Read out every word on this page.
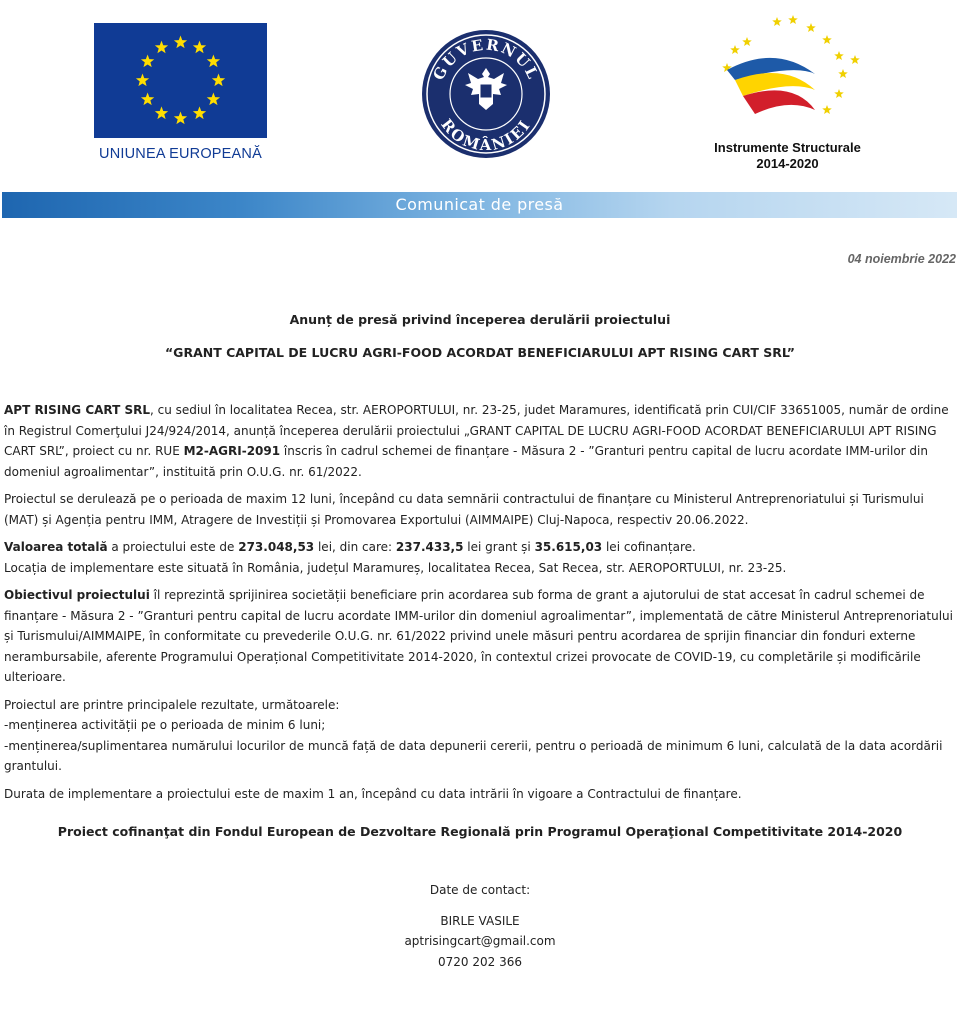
UNIUNEA EUROPEANĂ
GUVERNUL
ROMÂNIEI
Instrumente Structurale
2014-2020
Comunicat de presă
04 noiembrie 2022
Anunț de presă privind începerea derulării proiectului
“GRANT CAPITAL DE LUCRU AGRI-FOOD ACORDAT BENEFICIARULUI APT RISING CART SRL”

APT RISING CART SRL, cu sediul în localitatea Recea, str. AEROPORTULUI, nr. 23-25, judet Maramures, identificată prin CUI/CIF 33651005, număr de ordine în Registrul Comerţului J24/924/2014, anunță începerea derulării proiectului „GRANT CAPITAL DE LUCRU AGRI-FOOD ACORDAT BENEFICIARULUI APT RISING CART SRL”, proiect cu nr. RUE M2-AGRI-2091 înscris în cadrul schemei de finanțare - Măsura 2 - ”Granturi pentru capital de lucru acordate IMM-urilor din domeniul agroalimentar”, instituită prin O.U.G. nr. 61/2022.

Proiectul se derulează pe o perioada de maxim 12 luni, începând cu data semnării contractului de finanțare cu Ministerul Antreprenoriatului și Turismului (MAT) și Agenția pentru IMM, Atragere de Investiții și Promovarea Exportului (AIMMAIPE) Cluj-Napoca, respectiv 20.06.2022.

Valoarea totală a proiectului este de 273.048,53 lei, din care: 237.433,5 lei grant și 35.615,03 lei cofinanțare.
Locația de implementare este situată în România, județul Maramureș, localitatea Recea, Sat Recea, str. AEROPORTULUI, nr. 23-25.

Obiectivul proiectului îl reprezintă sprijinirea societății beneficiare prin acordarea sub forma de grant a ajutorului de stat accesat în cadrul schemei de finanțare - Măsura 2 - ”Granturi pentru capital de lucru acordate IMM-urilor din domeniul agroalimentar”, implementată de către Ministerul Antreprenoriatului și Turismului/AIMMAIPE, în conformitate cu prevederile O.U.G. nr. 61/2022 privind unele măsuri pentru acordarea de sprijin financiar din fonduri externe nerambursabile, aferente Programului Operațional Competitivitate 2014-2020, în contextul crizei provocate de COVID-19, cu completările și modificările ulterioare.

Proiectul are printre principalele rezultate, următoarele:
-menținerea activității pe o perioada de minim 6 luni;
-menținerea/suplimentarea numărului locurilor de muncă față de data depunerii cererii, pentru o perioadă de minimum 6 luni, calculată de la data acordării grantului.

Durata de implementare a proiectului este de maxim 1 an, începând cu data intrării în vigoare a Contractului de finanțare.

Proiect cofinanţat din Fondul European de Dezvoltare Regională prin Programul Operaţional Competitivitate 2014-2020
Date de contact:
BIRLE VASILE
aptrisingcart@gmail.com
0720 202 366
